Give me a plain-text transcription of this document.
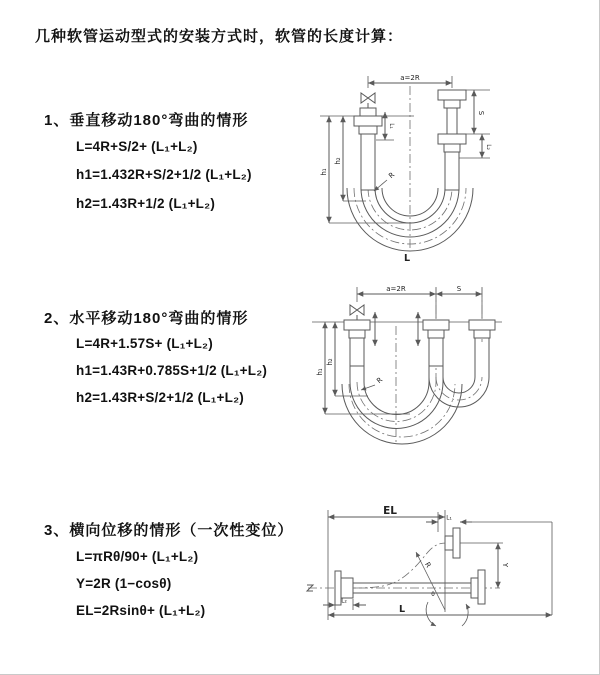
几种软管运动型式的安装方式时，软管的长度计算：
1、垂直移动180°弯曲的情形
L=4R+S/2+ (L₁+L₂)
h1=1.432R+S/2+1/2 (L₁+L₂)
h2=1.43R+1/2 (L₁+L₂)
2、水平移动180°弯曲的情形
L=4R+1.57S+ (L₁+L₂)
h1=1.43R+0.785S+1/2 (L₁+L₂)
h2=1.43R+S/2+1/2 (L₁+L₂)
3、横向位移的情形（一次性变位）
L=πRθ/90+ (L₁+L₂)
Y=2R (1−cosθ)
EL=2Rsinθ+ (L₁+L₂)
a=2R
h₁
h₂
L₁
S
L₂
R
L
a=2R	S
h₁
h₂
R
EL
L₁
Y
R
θ
L₂
L
